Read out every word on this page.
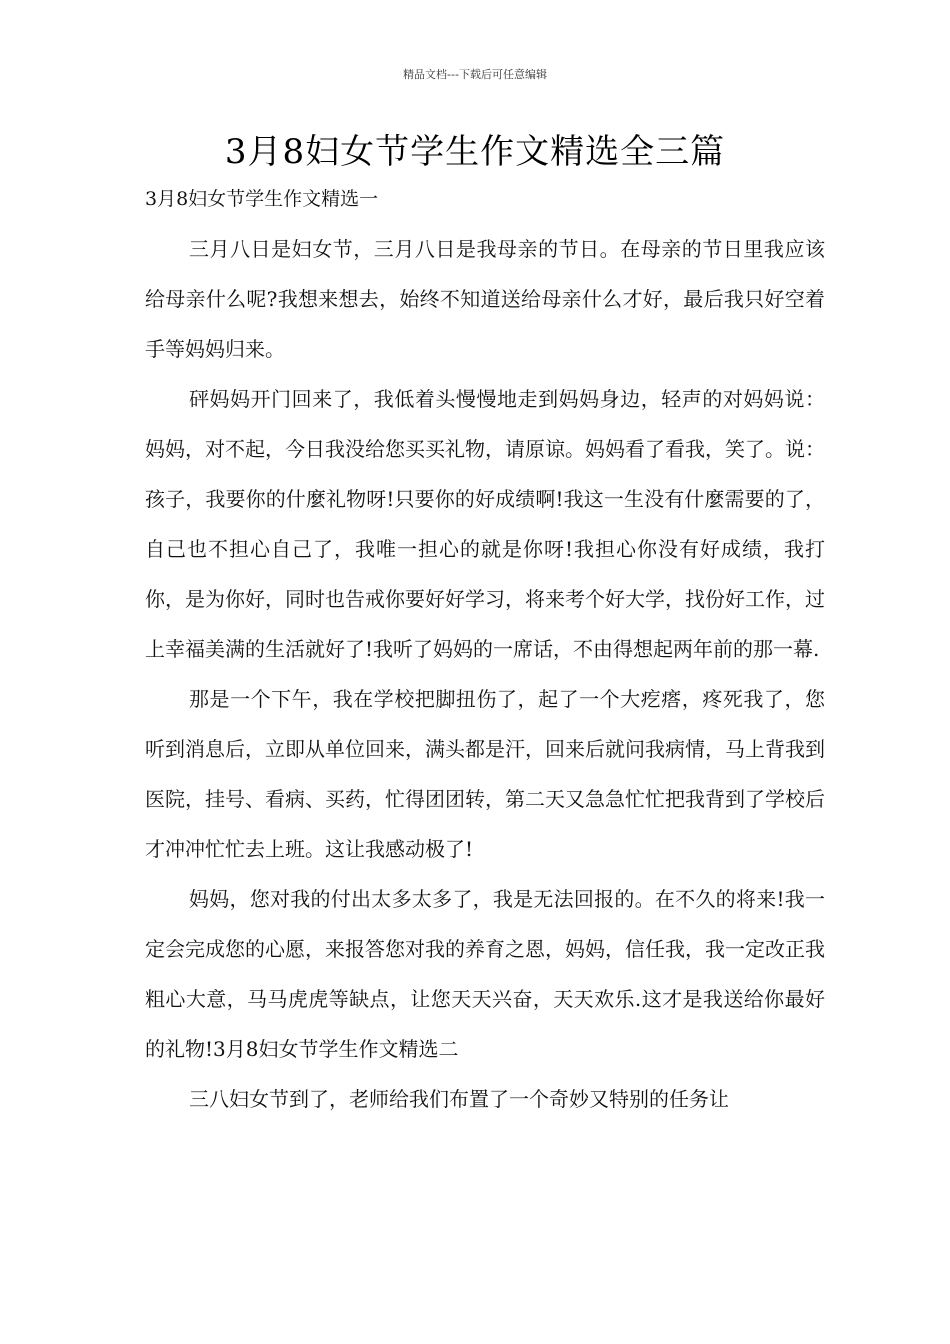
精品文档---下载后可任意编辑
3月8妇女节学生作文精选全三篇
3月8妇女节学生作文精选一

三月八日是妇女节，三月八日是我母亲的节日。在母亲的节日里我应该给母亲什么呢?我想来想去，始终不知道送给母亲什么才好，最后我只好空着手等妈妈归来。

砰妈妈开门回来了，我低着头慢慢地走到妈妈身边，轻声的对妈妈说：妈妈，对不起，今日我没给您买买礼物，请原谅。妈妈看了看我，笑了。说：孩子，我要你的什麼礼物呀!只要你的好成绩啊!我这一生没有什麼需要的了，自己也不担心自己了，我唯一担心的就是你呀!我担心你没有好成绩，我打你，是为你好，同时也告戒你要好好学习，将来考个好大学，找份好工作，过上幸福美满的生活就好了!我听了妈妈的一席话，不由得想起两年前的那一幕.

那是一个下午，我在学校把脚扭伤了，起了一个大疙瘩，疼死我了，您听到消息后，立即从单位回来，满头都是汗，回来后就问我病情，马上背我到医院，挂号、看病、买药，忙得团团转，第二天又急急忙忙把我背到了学校后才冲冲忙忙去上班。这让我感动极了!

妈妈，您对我的付出太多太多了，我是无法回报的。在不久的将来!我一定会完成您的心愿，来报答您对我的养育之恩，妈妈，信任我，我一定改正我粗心大意，马马虎虎等缺点，让您天天兴奋，天天欢乐.这才是我送给你最好的礼物!3月8妇女节学生作文精选二

三八妇女节到了，老师给我们布置了一个奇妙又特别的任务让
